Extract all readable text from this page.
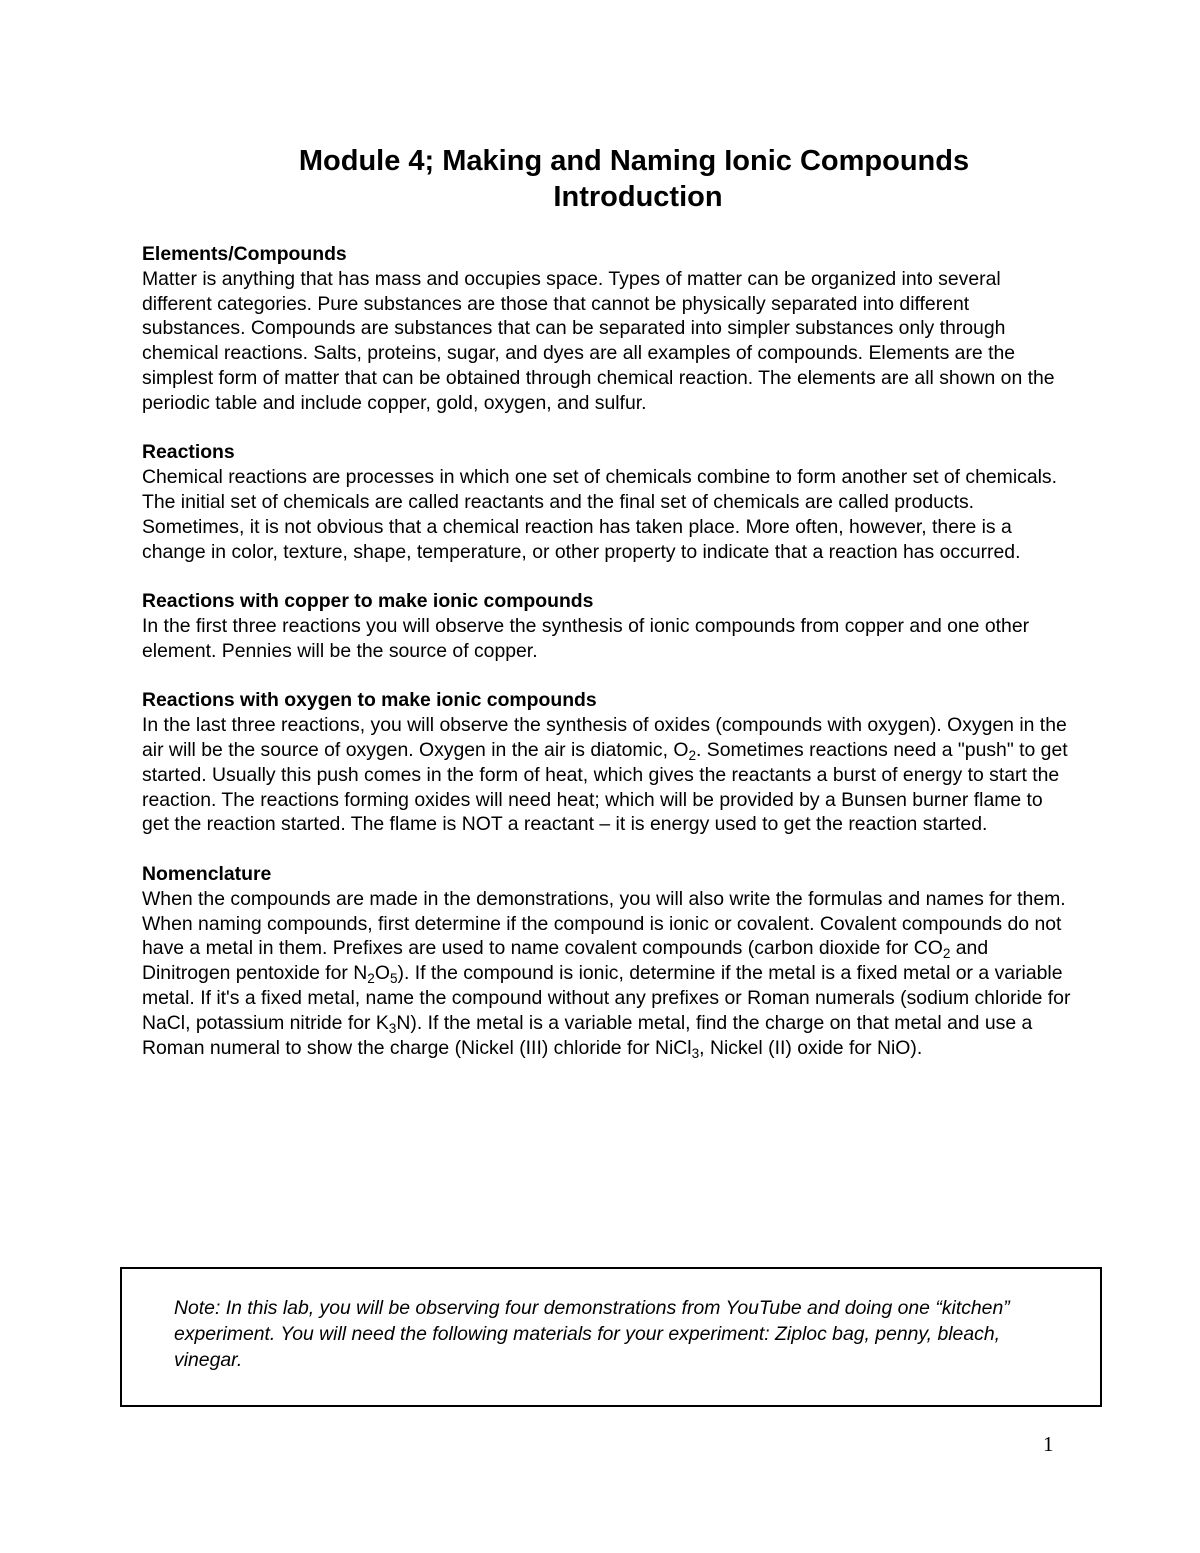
Module 4; Making and Naming Ionic Compounds
Introduction
Elements/Compounds
Matter is anything that has mass and occupies space. Types of matter can be organized into several different categories. Pure substances are those that cannot be physically separated into different substances. Compounds are substances that can be separated into simpler substances only through chemical reactions. Salts, proteins, sugar, and dyes are all examples of compounds. Elements are the simplest form of matter that can be obtained through chemical reaction. The elements are all shown on the periodic table and include copper, gold, oxygen, and sulfur.
Reactions
Chemical reactions are processes in which one set of chemicals combine to form another set of chemicals. The initial set of chemicals are called reactants and the final set of chemicals are called products. Sometimes, it is not obvious that a chemical reaction has taken place. More often, however, there is a change in color, texture, shape, temperature, or other property to indicate that a reaction has occurred.
Reactions with copper to make ionic compounds
In the first three reactions you will observe the synthesis of ionic compounds from copper and one other element. Pennies will be the source of copper.
Reactions with oxygen to make ionic compounds
In the last three reactions, you will observe the synthesis of oxides (compounds with oxygen). Oxygen in the air will be the source of oxygen. Oxygen in the air is diatomic, $O_2$. Sometimes reactions need a "push" to get started. Usually this push comes in the form of heat, which gives the reactants a burst of energy to start the reaction. The reactions forming oxides will need heat; which will be provided by a Bunsen burner flame to get the reaction started. The flame is NOT a reactant – it is energy used to get the reaction started.
Nomenclature
When the compounds are made in the demonstrations, you will also write the formulas and names for them. When naming compounds, first determine if the compound is ionic or covalent. Covalent compounds do not have a metal in them. Prefixes are used to name covalent compounds (carbon dioxide for $CO_2$ and Dinitrogen pentoxide for $N_2O_5$). If the compound is ionic, determine if the metal is a fixed metal or a variable metal. If it's a fixed metal, name the compound without any prefixes or Roman numerals (sodium chloride for NaCl, potassium nitride for $K_3N$). If the metal is a variable metal, find the charge on that metal and use a Roman numeral to show the charge (Nickel (III) chloride for NiCl$_3$, Nickel (II) oxide for NiO).
Note: In this lab, you will be observing four demonstrations from YouTube and doing one “kitchen” experiment. You will need the following materials for your experiment: Ziploc bag, penny, bleach, vinegar.
1
